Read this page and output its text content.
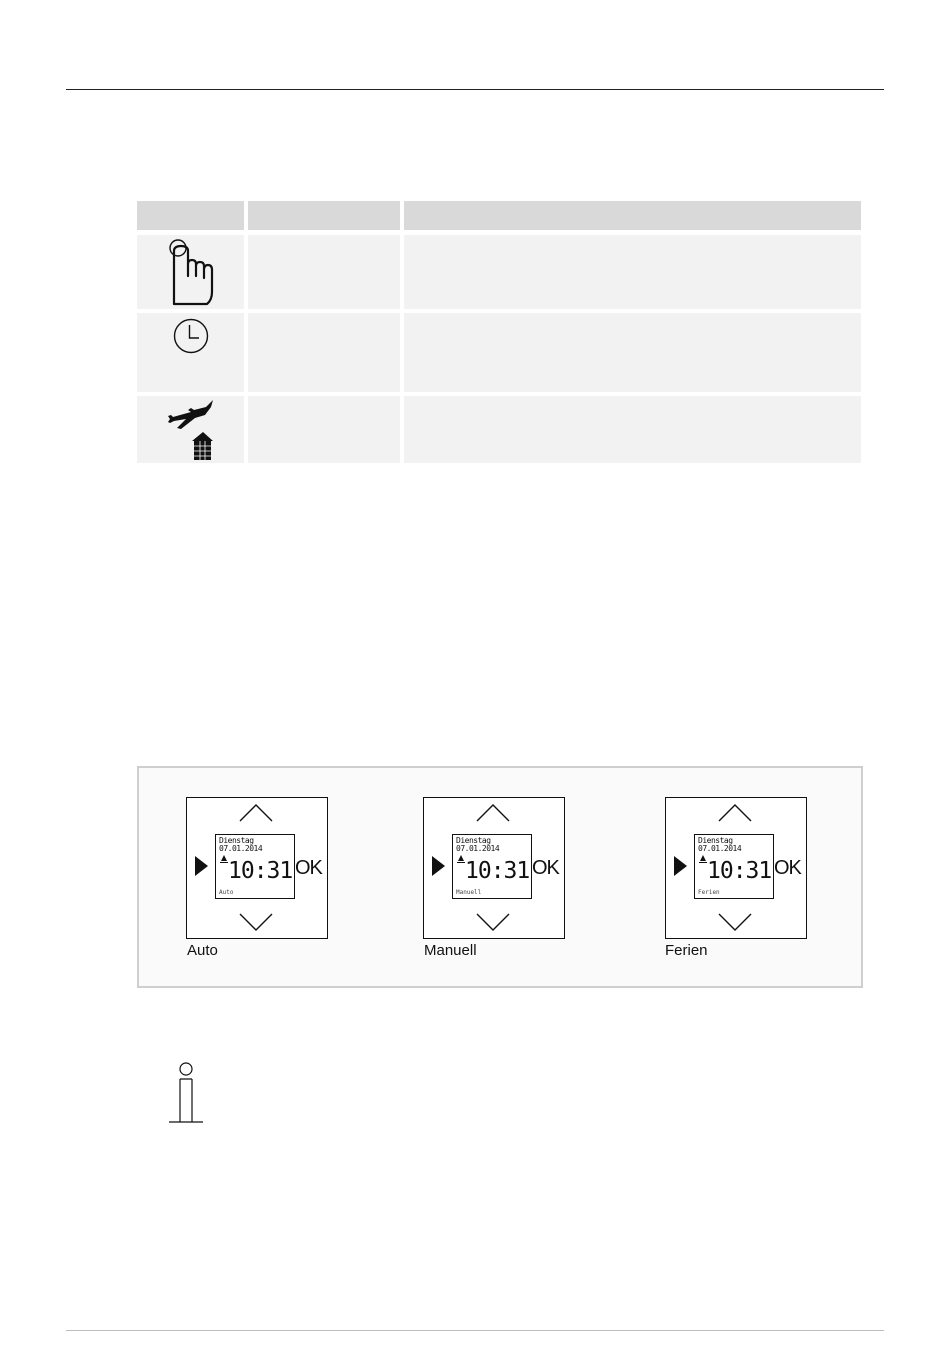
Dienstag
07.01.2014
10:31
Auto
OK
Auto
Dienstag
07.01.2014
10:31
Manuell
OK
Manuell
Dienstag
07.01.2014
10:31
Ferien
OK
Ferien
